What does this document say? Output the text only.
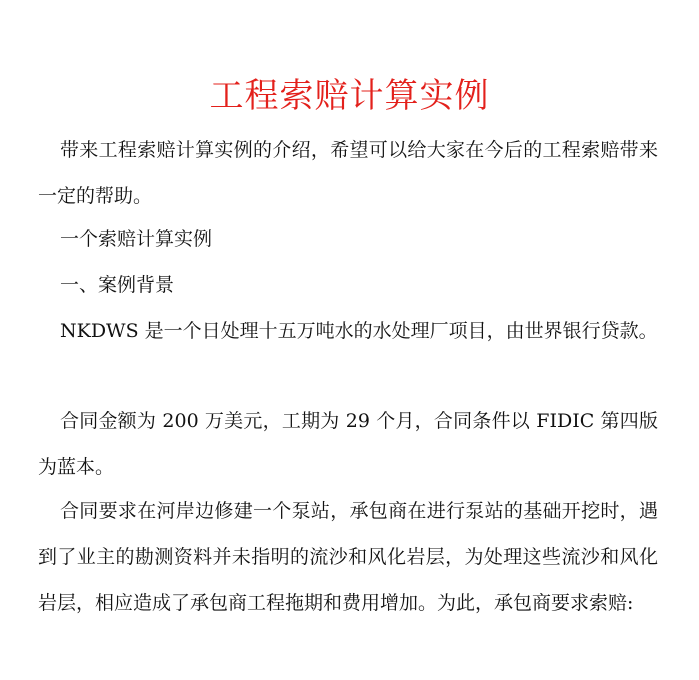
工程索赔计算实例

带来工程索赔计算实例的介绍，希望可以给大家在今后的工程索赔带来一定的帮助。

一个索赔计算实例

一、案例背景

NKDWS 是一个日处理十五万吨水的水处理厂项目，由世界银行贷款。

合同金额为 200 万美元，工期为 29 个月，合同条件以 FIDIC 第四版为蓝本。

合同要求在河岸边修建一个泵站，承包商在进行泵站的基础开挖时，遇到了业主的勘测资料并未指明的流沙和风化岩层，为处理这些流沙和风化岩层，相应造成了承包商工程拖期和费用增加。为此，承包商要求索赔:
